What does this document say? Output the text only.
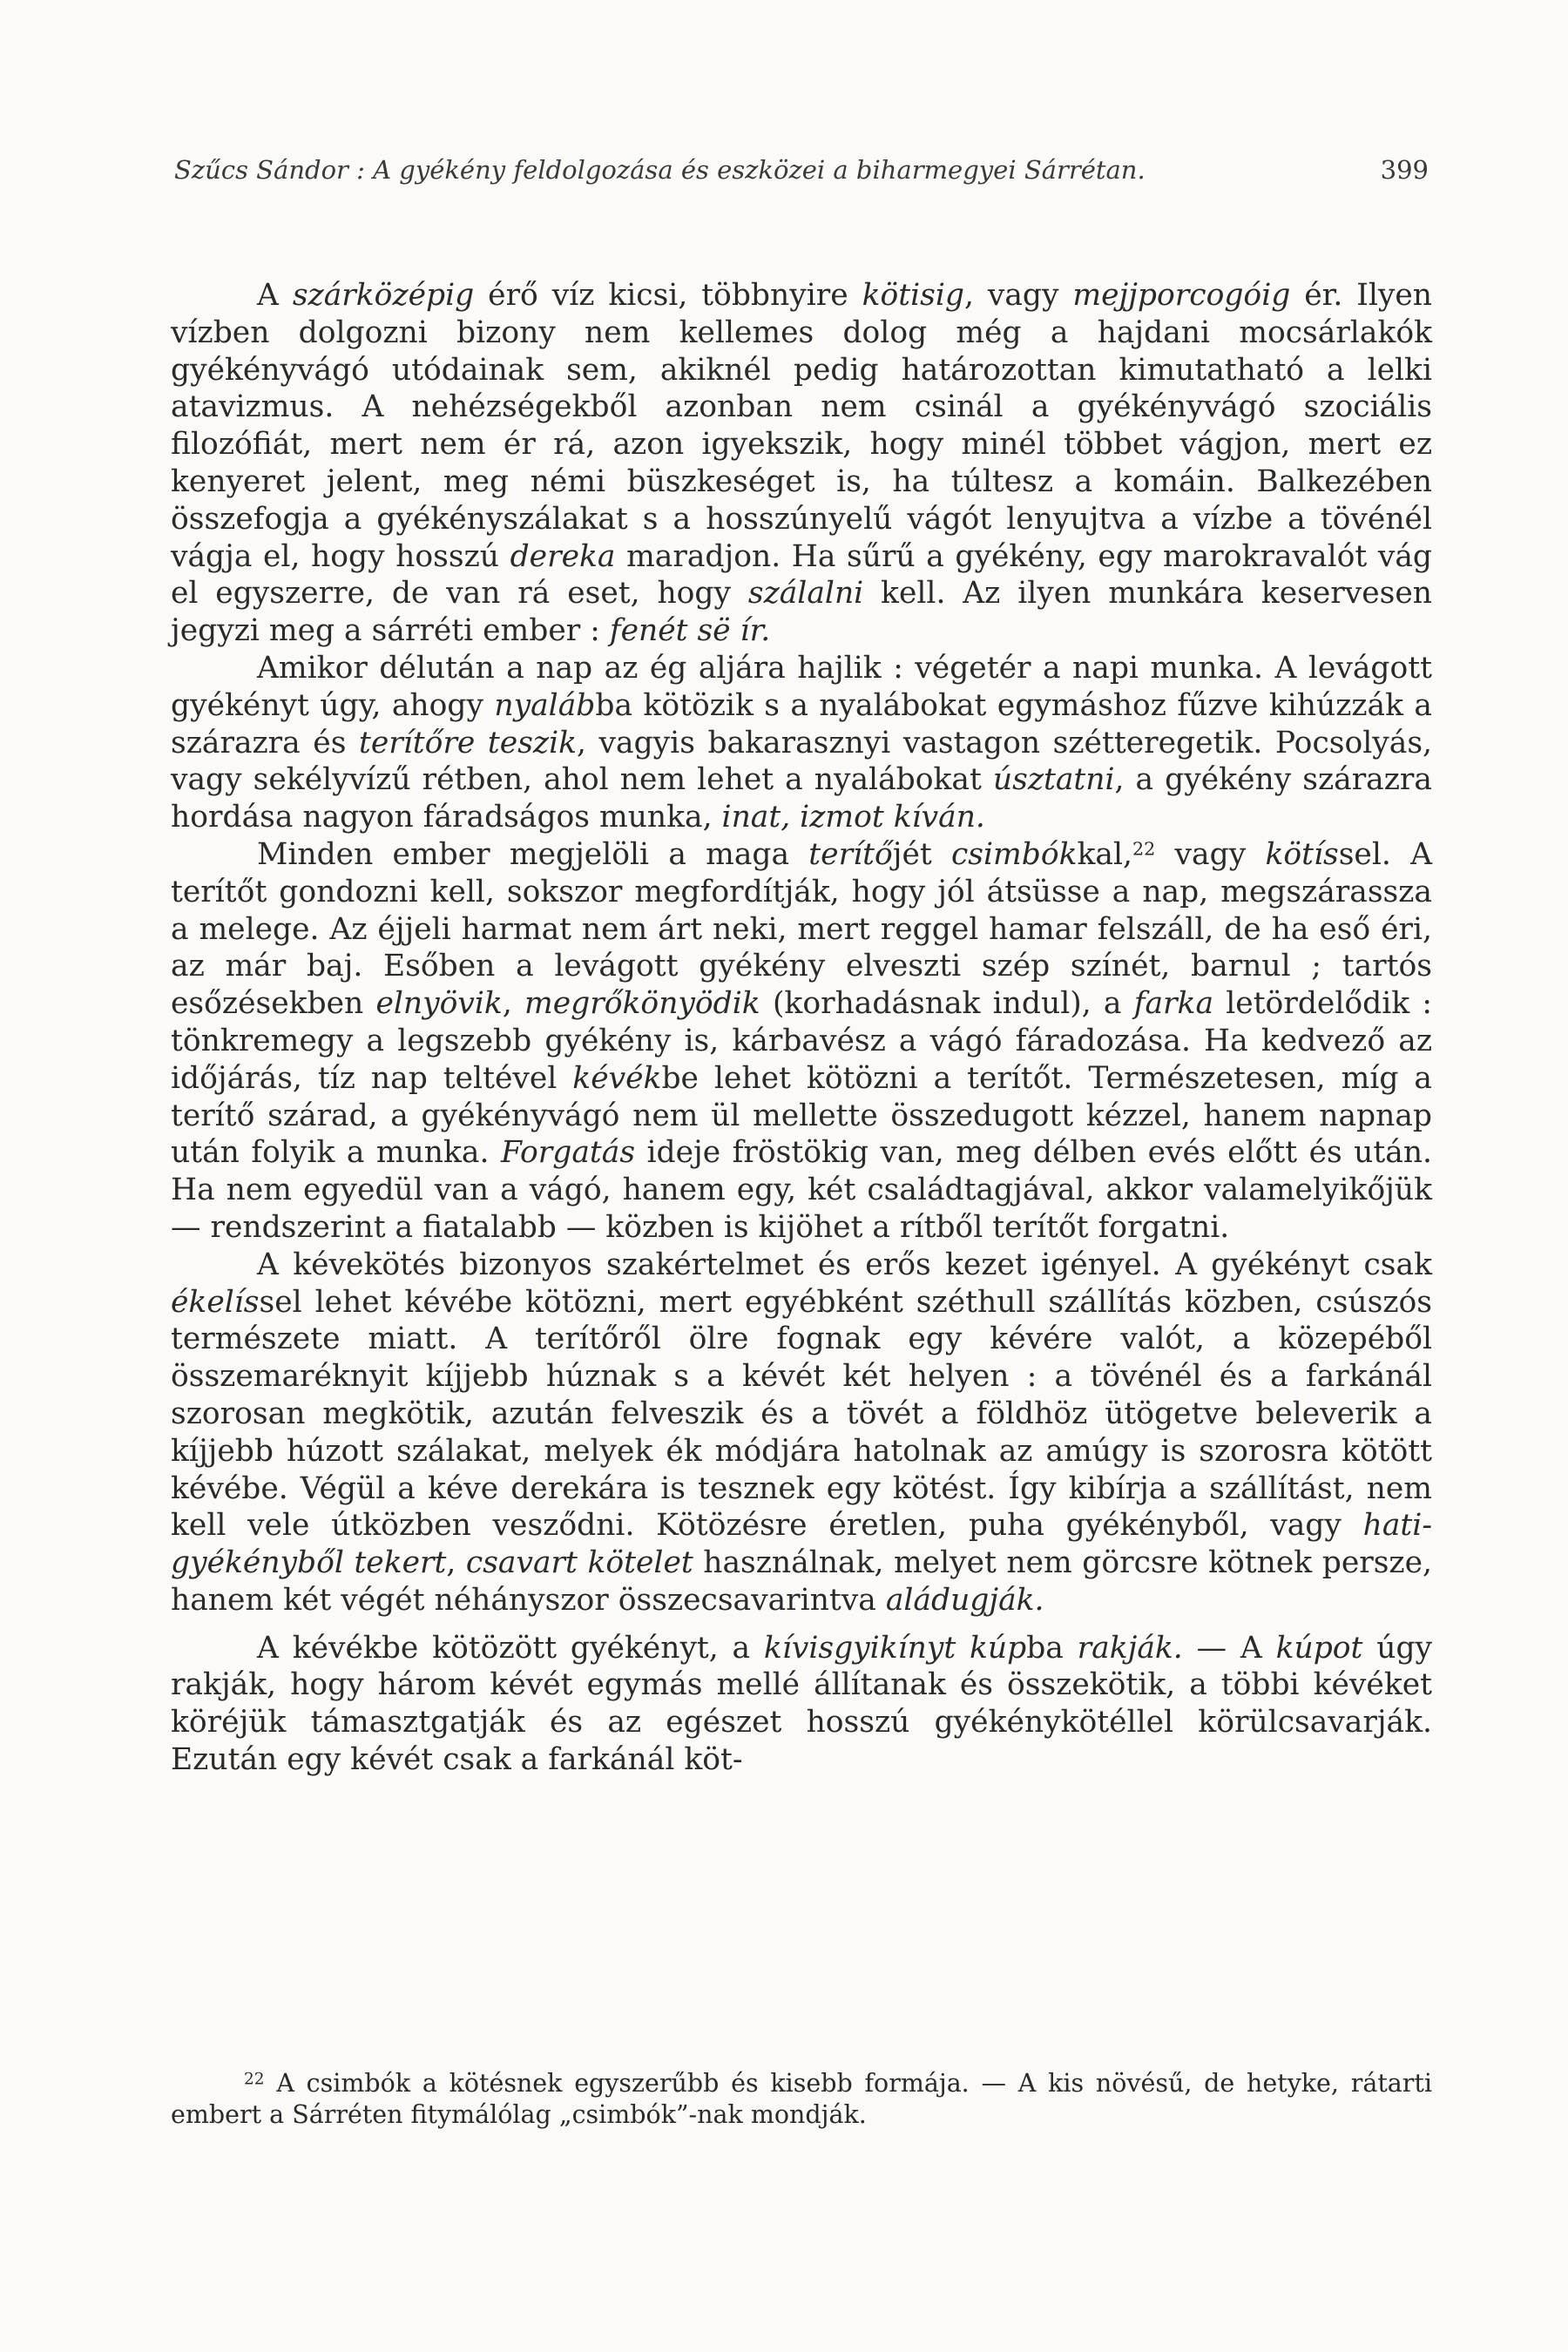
Szűcs Sándor : A gyékény feldolgozása és eszközei a biharmegyei Sárrétan.	399

A szárközépig érő víz kicsi, többnyire kötisig, vagy mejjporcogóig ér. Ilyen vízben dolgozni bizony nem kellemes dolog még a hajdani mocsárlakók gyékényvágó utódainak sem, akiknél pedig határozottan kimutatható a lelki atavizmus. A nehézségekből azonban nem csinál a gyékényvágó szociális filozófiát, mert nem ér rá, azon igyekszik, hogy minél többet vágjon, mert ez kenyeret jelent, meg némi büszkeséget is, ha túltesz a komáin. Balkezében összefogja a gyékényszálakat s a hosszúnyelű vágót lenyujtva a vízbe a tövénél vágja el, hogy hosszú dereka maradjon. Ha sűrű a gyékény, egy marokravalót vág el egyszerre, de van rá eset, hogy szálalni kell. Az ilyen munkára keservesen jegyzi meg a sárréti ember : fenét së ír.

Amikor délután a nap az ég aljára hajlik : végetér a napi munka. A levágott gyékényt úgy, ahogy nyalábba kötözik s a nyalábokat egymáshoz fűzve kihúzzák a szárazra és terítőre teszik, vagyis bakarasznyi vastagon szétteregetik. Pocsolyás, vagy sekélyvízű rétben, ahol nem lehet a nyalábokat úsztatni, a gyékény szárazra hordása nagyon fáradságos munka, inat, izmot kíván.

Minden ember megjelöli a maga terítőjét csimbókkal,$^{22}$ vagy kötíssel. A terítőt gondozni kell, sokszor megfordítják, hogy jól átsüsse a nap, megszárassza a melege. Az éjjeli harmat nem árt neki, mert reggel hamar felszáll, de ha eső éri, az már baj. Esőben a levágott gyékény elveszti szép színét, barnul ; tartós esőzésekben elnyövik, megrőkönyödik (korhadásnak indul), a farka letördelődik : tönkremegy a legszebb gyékény is, kárbavész a vágó fáradozása. Ha kedvező az időjárás, tíz nap teltével kévékbe lehet kötözni a terítőt. Természetesen, míg a terítő szárad, a gyékényvágó nem ül mellette összedugott kézzel, hanem napnap után folyik a munka. Forgatás ideje fröstökig van, meg délben evés előtt és után. Ha nem egyedül van a vágó, hanem egy, két családtagjával, akkor valamelyikőjük — rendszerint a fiatalabb — közben is kijöhet a rítből terítőt forgatni.

A kévekötés bizonyos szakértelmet és erős kezet igényel. A gyékényt csak ékelíssel lehet kévébe kötözni, mert egyébként széthull szállítás közben, csúszós természete miatt. A terítőről ölre fognak egy kévére valót, a közepéből összemaréknyit kíjjebb húznak s a kévét két helyen : a tövénél és a farkánál szorosan megkötik, azután felveszik és a tövét a földhöz ütögetve beleverik a kíjjebb húzott szálakat, melyek ék módjára hatolnak az amúgy is szorosra kötött kévébe. Végül a kéve derekára is tesznek egy kötést. Így kibírja a szállítást, nem kell vele útközben vesződni. Kötözésre éretlen, puha gyékényből, vagy hatigyékényből tekert, csavart kötelet használnak, melyet nem görcsre kötnek persze, hanem két végét néhányszor összecsavarintva aládugják.

A kévékbe kötözött gyékényt, a kívisgyikínyt kúpba rakják. — A kúpot úgy rakják, hogy három kévét egymás mellé állítanak és összekötik, a többi kévéket köréjük támasztgatják és az egészet hosszú gyékénykötéllel körülcsavarják. Ezután egy kévét csak a farkánál köt-

$^{22}$ A csimbók a kötésnek egyszerűbb és kisebb formája. — A kis növésű, de hetyke, rátarti embert a Sárréten fitymálólag „csimbók”-nak mondják.
